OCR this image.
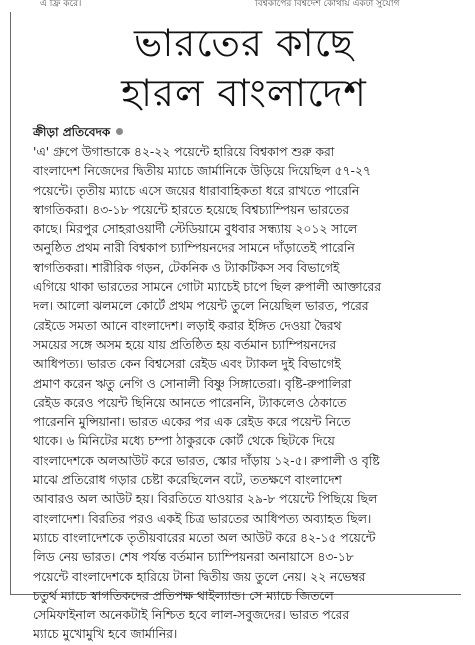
এ ফ্রি করে।	বিশ্বকাপের বিশ্বদেশ কোথায় একটা সুযোগ
ভারতের কাছে
হারল বাংলাদেশ
ক্রীড়া প্রতিবেদক
'এ' গ্রুপে উগান্ডাকে ৪২-২২ পয়েন্টে হারিয়ে বিশ্বকাপ শুরু করা
বাংলাদেশ নিজেদের দ্বিতীয় ম্যাচে জার্মানিকে উড়িয়ে দিয়েছিল ৫৭-২৭
পয়েন্টে। তৃতীয় ম্যাচে এসে জয়ের ধারাবাহিকতা ধরে রাখতে পারেনি
স্বাগতিকরা। ৪৩-১৮ পয়েন্টে হারতে হয়েছে বিশ্বচ্যাম্পিয়ন ভারতের
কাছে। মিরপুর সোহরাওয়ার্দী স্টেডিয়ামে বুধবার সন্ধ্যায় ২০১২ সালে
অনুষ্ঠিত প্রথম নারী বিশ্বকাপ চ্যাম্পিয়নদের সামনে দাঁড়াতেই পারেনি
স্বাগতিকরা। শারীরিক গড়ন, টেকনিক ও ট্যাকটিকস সব বিভাগেই
এগিয়ে থাকা ভারতের সামনে গোটা ম্যাচেই চাপে ছিল রুপালী আক্তারের
দল। আলো ঝলমলে কোর্টে প্রথম পয়েন্ট তুলে নিয়েছিল ভারত, পরের
রেইডে সমতা আনে বাংলাদেশ। লড়াই করার ইঙ্গিত দেওয়া দ্বৈরথ
সময়ের সঙ্গে অসম হয়ে যায় প্রতিষ্ঠিত হয় বর্তমান চ্যাম্পিয়নদের
আধিপত্য। ভারত কেন বিশ্বসেরা রেইড এবং ট্যাকল দুই বিভাগেই
প্রমাণ করেন ঋতু নেগি ও সোনালী বিষ্ণু সিঙ্গাতেরা। বৃষ্টি-রুপালিরা
রেইড করেও পয়েন্ট ছিনিয়ে আনতে পারেননি, ট্যাকলেও ঠেকাতে
পারেননি মুন্সিয়ানা। ভারত একের পর এক রেইড করে পয়েন্ট নিতে
থাকে। ৬ মিনিটের মধ্যে চম্পা ঠাকুরকে কোর্ট থেকে ছিটকে দিয়ে
বাংলাদেশকে অলআউট করে ভারত, স্কোর দাঁড়ায় ১২-৫। রুপালী ও বৃষ্টি
মাঝে প্রতিরোধ গড়ার চেষ্টা করেছিলেন বটে, ততক্ষণে বাংলাদেশ
আবারও অল আউট হয়। বিরতিতে যাওয়ার ২৯-৮ পয়েন্টে পিছিয়ে ছিল
বাংলাদেশ। বিরতির পরও একই চিত্র ভারতের আধিপত্য অব্যাহত ছিল।
ম্যাচে বাংলাদেশকে তৃতীয়বারের মতো অল আউট করে ৪২-১৫ পয়েন্টে
লিড নেয় ভারত। শেষ পর্যন্ত বর্তমান চ্যাম্পিয়নরা অনায়াসে ৪৩-১৮
পয়েন্টে বাংলাদেশকে হারিয়ে টানা দ্বিতীয় জয় তুলে নেয়। ২২ নভেম্বর
চতুর্থ ম্যাচে স্বাগতিকদের প্রতিপক্ষ থাইল্যান্ড। সে ম্যাচে জিতলে
সেমিফাইনাল অনেকটাই নিশ্চিত হবে লাল-সবুজদের। ভারত পরের
ম্যাচে মুখোমুখি হবে জার্মানির।
